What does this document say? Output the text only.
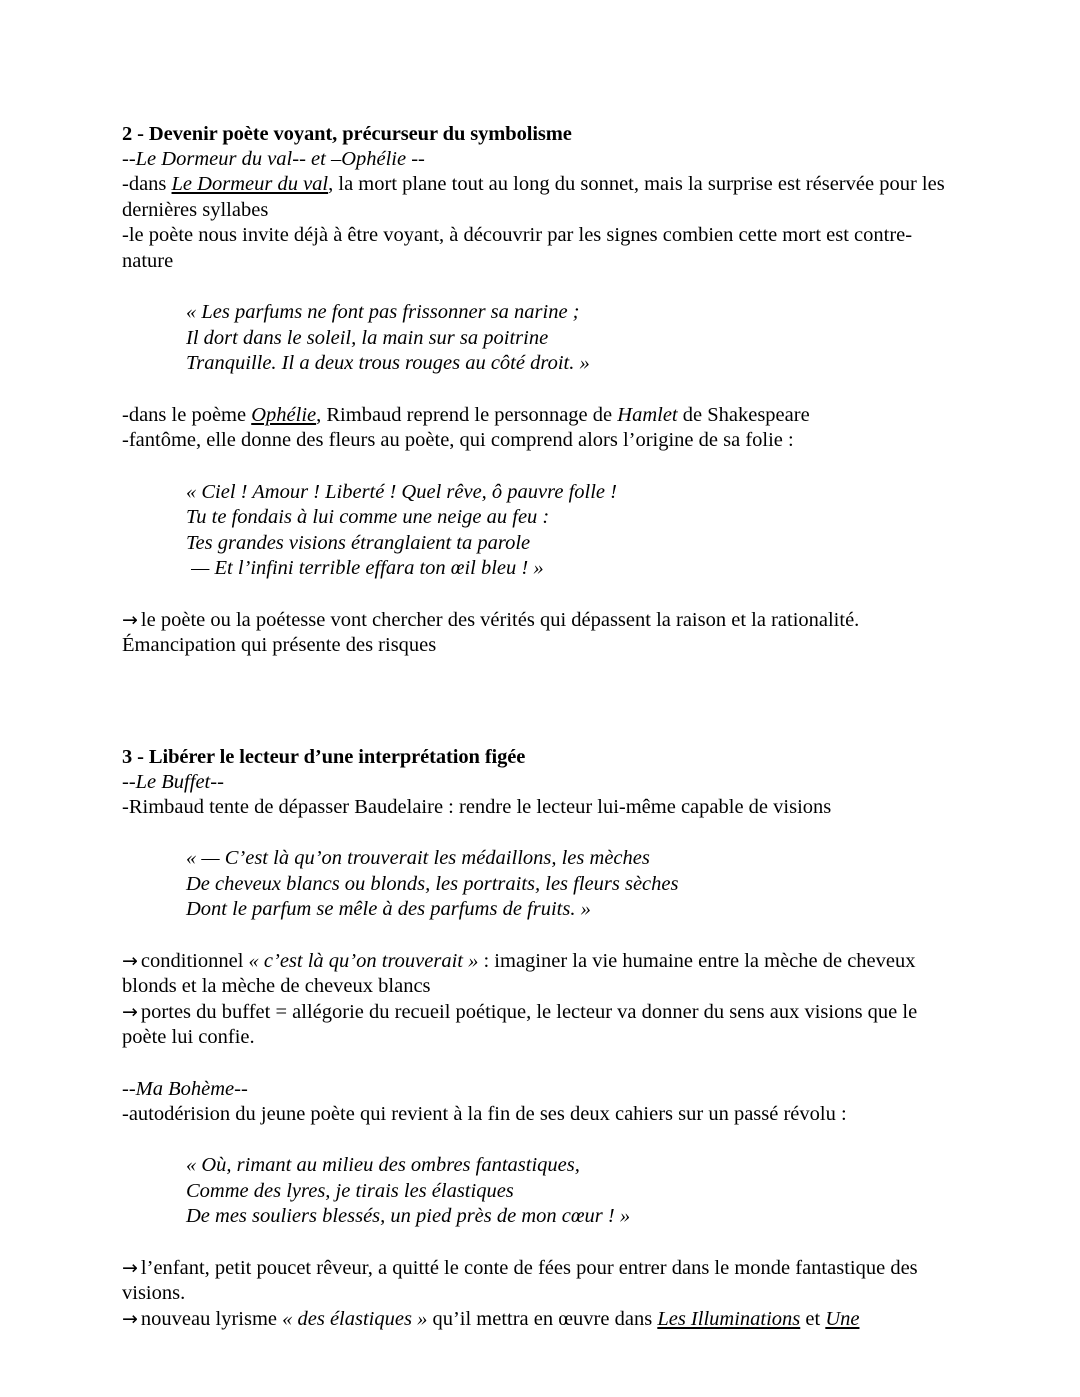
2 - Devenir poète voyant, précurseur du symbolisme

--Le Dormeur du val-- et –Ophélie --

-dans Le Dormeur du val, la mort plane tout au long du sonnet, mais la surprise est réservée pour les dernières syllabes

-le poète nous invite déjà à être voyant, à découvrir par les signes combien cette mort est contre-nature

« Les parfums ne font pas frissonner sa narine ;
Il dort dans le soleil, la main sur sa poitrine
Tranquille. Il a deux trous rouges au côté droit. »

-dans le poème Ophélie, Rimbaud reprend le personnage de Hamlet de Shakespeare

-fantôme, elle donne des fleurs au poète, qui comprend alors l’origine de sa folie :

« Ciel ! Amour ! Liberté ! Quel rêve, ô pauvre folle !
Tu te fondais à lui comme une neige au feu :
Tes grandes visions étranglaient ta parole
— Et l’infini terrible effara ton œil bleu ! »

→ le poète ou la poétesse vont chercher des vérités qui dépassent la raison et la rationalité. Émancipation qui présente des risques

3 - Libérer le lecteur d’une interprétation figée

--Le Buffet--

-Rimbaud tente de dépasser Baudelaire : rendre le lecteur lui-même capable de visions

« — C’est là qu’on trouverait les médaillons, les mèches
De cheveux blancs ou blonds, les portraits, les fleurs sèches
Dont le parfum se mêle à des parfums de fruits. »

→ conditionnel « c’est là qu’on trouverait » : imaginer la vie humaine entre la mèche de cheveux blonds et la mèche de cheveux blancs

→ portes du buffet = allégorie du recueil poétique, le lecteur va donner du sens aux visions que le poète lui confie.

--Ma Bohème--

-autodérision du jeune poète qui revient à la fin de ses deux cahiers sur un passé révolu :

« Où, rimant au milieu des ombres fantastiques,
Comme des lyres, je tirais les élastiques
De mes souliers blessés, un pied près de mon cœur ! »

→ l’enfant, petit poucet rêveur, a quitté le conte de fées pour entrer dans le monde fantastique des visions.

→ nouveau lyrisme « des élastiques » qu’il mettra en œuvre dans Les Illuminations et Une
